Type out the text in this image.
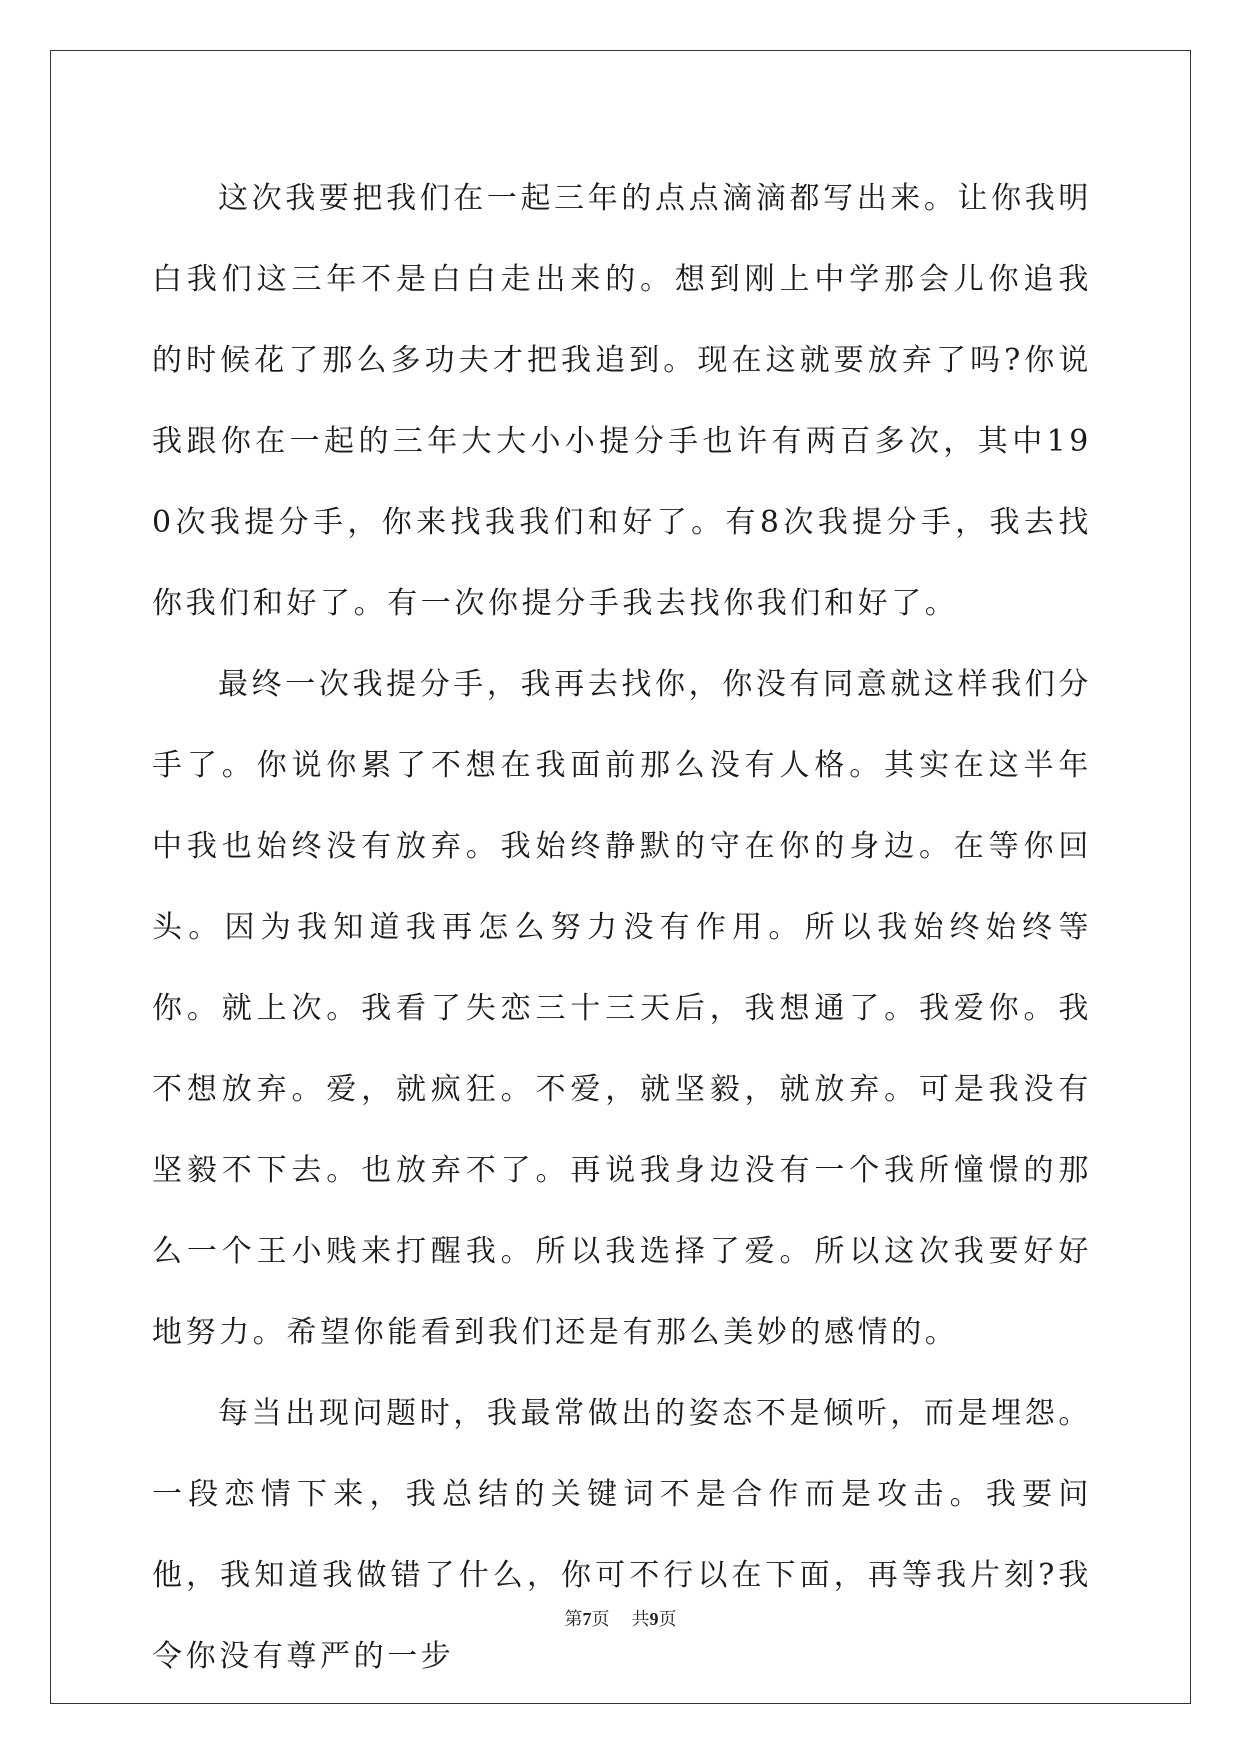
这次我要把我们在一起三年的点点滴滴都写出来。让你我明白我们这三年不是白白走出来的。想到刚上中学那会儿你追我的时候花了那么多功夫才把我追到。现在这就要放弃了吗?你说我跟你在一起的三年大大小小提分手也许有两百多次，其中190次我提分手，你来找我我们和好了。有8次我提分手，我去找你我们和好了。有一次你提分手我去找你我们和好了。

最终一次我提分手，我再去找你，你没有同意就这样我们分手了。你说你累了不想在我面前那么没有人格。其实在这半年中我也始终没有放弃。我始终静默的守在你的身边。在等你回头。因为我知道我再怎么努力没有作用。所以我始终始终等你。就上次。我看了失恋三十三天后，我想通了。我爱你。我不想放弃。爱，就疯狂。不爱，就坚毅，就放弃。可是我没有坚毅不下去。也放弃不了。再说我身边没有一个我所憧憬的那么一个王小贱来打醒我。所以我选择了爱。所以这次我要好好地努力。希望你能看到我们还是有那么美妙的感情的。

每当出现问题时，我最常做出的姿态不是倾听，而是埋怨。一段恋情下来，我总结的关键词不是合作而是攻击。我要问他，我知道我做错了什么，你可不行以在下面，再等我片刻?我令你没有尊严的一步

第7页 共9页
